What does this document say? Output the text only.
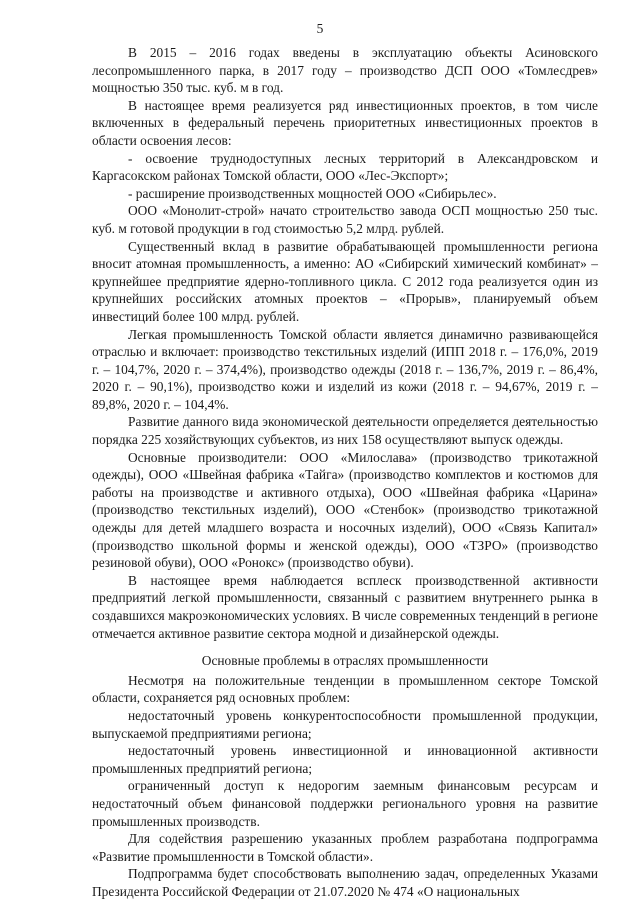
5

В 2015 – 2016 годах введены в эксплуатацию объекты Асиновского лесопромышленного парка, в 2017 году – производство ДСП ООО «Томлесдрев» мощностью 350 тыс. куб. м в год.

В настоящее время реализуется ряд инвестиционных проектов, в том числе включенных в федеральный перечень приоритетных инвестиционных проектов в области освоения лесов:

- освоение труднодоступных лесных территорий в Александровском и Каргасокском районах Томской области, ООО «Лес-Экспорт»;

- расширение производственных мощностей ООО «Сибирьлес».

ООО «Монолит-строй» начато строительство завода ОСП мощностью 250 тыс. куб. м готовой продукции в год стоимостью 5,2 млрд. рублей.

Существенный вклад в развитие обрабатывающей промышленности региона вносит атомная промышленность, а именно: АО «Сибирский химический комбинат» – крупнейшее предприятие ядерно-топливного цикла. С 2012 года реализуется один из крупнейших российских атомных проектов – «Прорыв», планируемый объем инвестиций более 100 млрд. рублей.

Легкая промышленность Томской области является динамично развивающейся отраслью и включает: производство текстильных изделий (ИПП 2018 г. – 176,0%, 2019 г. – 104,7%, 2020 г. – 374,4%), производство одежды (2018 г. – 136,7%, 2019 г. – 86,4%, 2020 г. – 90,1%), производство кожи и изделий из кожи (2018 г. – 94,67%, 2019 г. – 89,8%, 2020 г. – 104,4%.

Развитие данного вида экономической деятельности определяется деятельностью порядка 225 хозяйствующих субъектов, из них 158 осуществляют выпуск одежды.

Основные производители: ООО «Милослава» (производство трикотажной одежды), ООО «Швейная фабрика «Тайга» (производство комплектов и костюмов для работы на производстве и активного отдыха), ООО «Швейная фабрика «Царина» (производство текстильных изделий), ООО «Стенбок» (производство трикотажной одежды для детей младшего возраста и носочных изделий), ООО «Связь Капитал» (производство школьной формы и женской одежды), ООО «ТЗРО» (производство резиновой обуви), ООО «Ронокс» (производство обуви).

В настоящее время наблюдается всплеск производственной активности предприятий легкой промышленности, связанный с развитием внутреннего рынка в создавшихся макроэкономических условиях. В числе современных тенденций в регионе отмечается активное развитие сектора модной и дизайнерской одежды.

Основные проблемы в отраслях промышленности

Несмотря на положительные тенденции в промышленном секторе Томской области, сохраняется ряд основных проблем:

недостаточный уровень конкурентоспособности промышленной продукции, выпускаемой предприятиями региона;

недостаточный уровень инвестиционной и инновационной активности промышленных предприятий региона;

ограниченный доступ к недорогим заемным финансовым ресурсам и недостаточный объем финансовой поддержки регионального уровня на развитие промышленных производств.

Для содействия разрешению указанных проблем разработана подпрограмма «Развитие промышленности в Томской области».

Подпрограмма будет способствовать выполнению задач, определенных Указами Президента Российской Федерации от 21.07.2020 № 474 «О национальных
